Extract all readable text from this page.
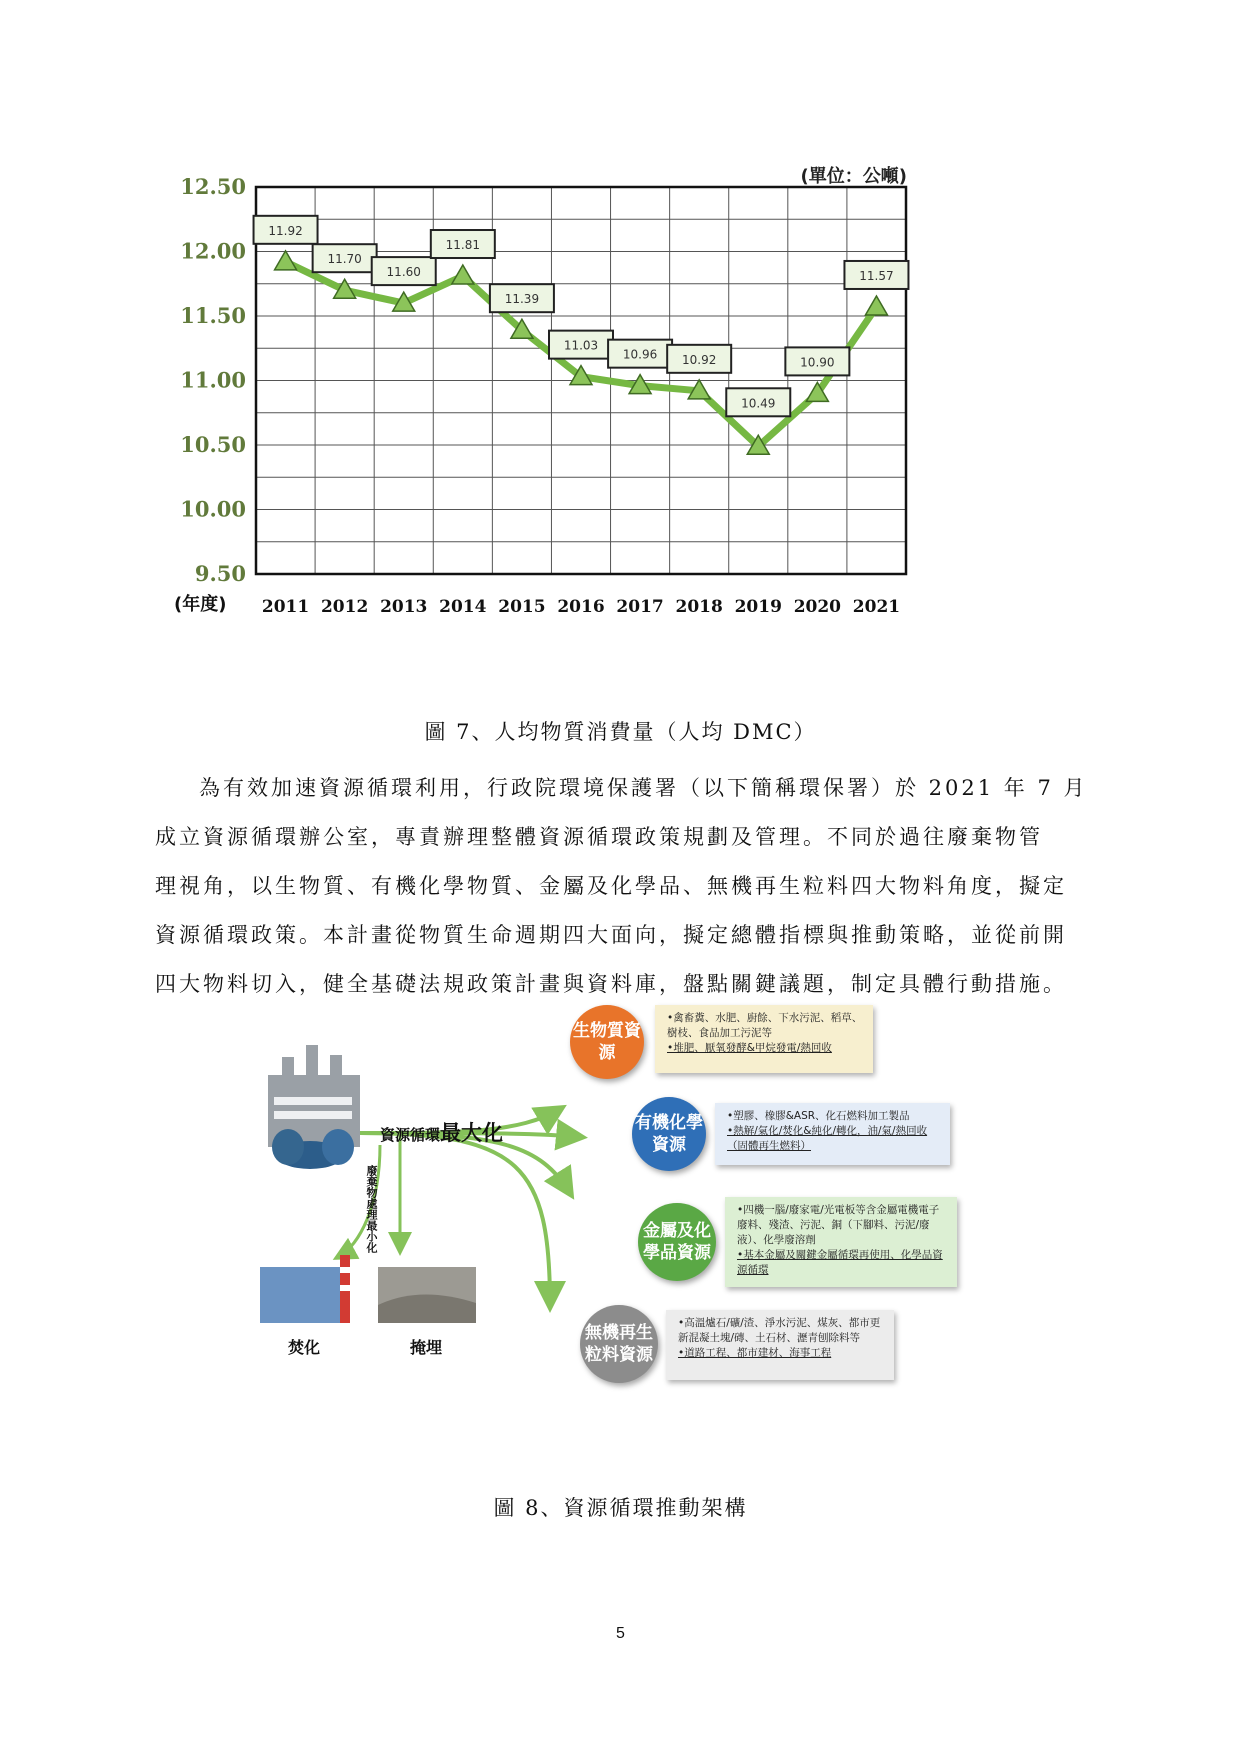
(單位：公噸)
(年度)
9.50
10.00
10.50
11.00
11.50
12.00
12.50
2011 2012 2013 2014 2015 2016 2017 2018 2019 2020 2021
11.92
11.70
11.60
11.81
11.39
11.03
10.96 10.92
10.49
10.90
11.57
圖 7、人均物質消費量（人均 DMC）
為有效加速資源循環利用，行政院環境保護署（以下簡稱環保署）於 2021 年 7 月
成立資源循環辦公室，專責辦理整體資源循環政策規劃及管理。不同於過往廢棄物管
理視角，以生物質、有機化學物質、金屬及化學品、無機再生粒料四大物料角度，擬定
資源循環政策。本計畫從物質生命週期四大面向，擬定總體指標與推動策略，並從前開
四大物料切入，健全基礎法規政策計畫與資料庫，盤點關鍵議題，制定具體行動措施。
資源循環最大化
廢棄物處理最小化
焚化	掩埋
生物質資源
•禽畜糞、水肥、廚餘、下水污泥、稻草、樹枝、食品加工污泥等
•堆肥、厭氧發酵&甲烷發電/熱回收
有機化學資源
•塑膠、橡膠&ASR、化石燃料加工製品
•熱解/氣化/焚化&純化/轉化，油/氣/熱回收（固體再生燃料）
金屬及化學品資源
•四機一腦/廢家電/光電板等含金屬電機電子廢料、殘渣、污泥、銅（下腳料、污泥/廢液）、化學廢溶劑
•基本金屬及關鍵金屬循環再使用、化學品資源循環
無機再生粒料資源
•高溫爐石/礦/渣、淨水污泥、煤灰、都市更新混凝土塊/磚、土石材、瀝青刨除料等
•道路工程、都市建材、海事工程
圖 8、資源循環推動架構
5
